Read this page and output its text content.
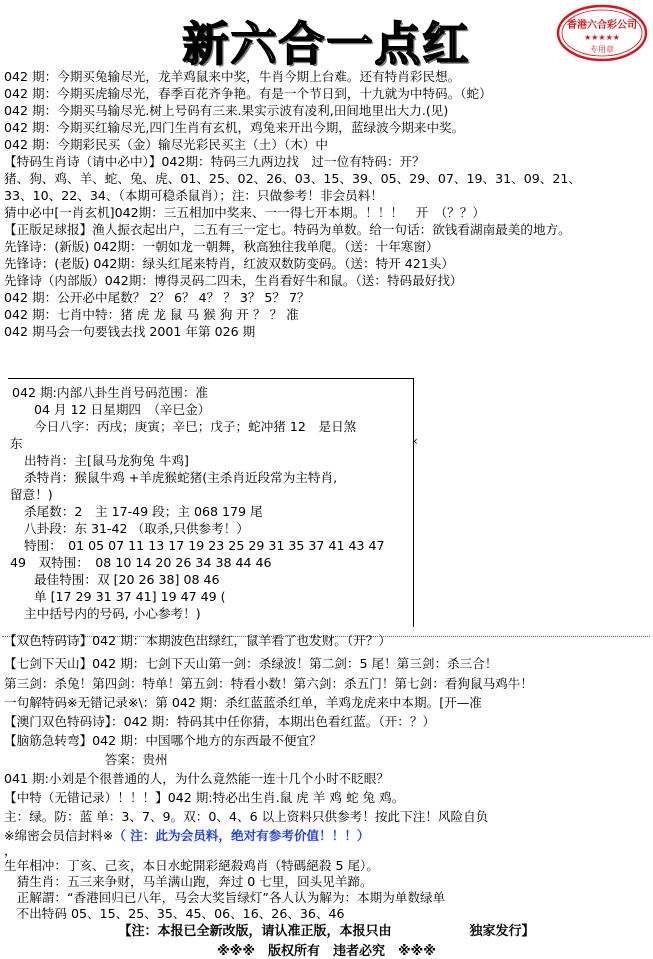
新六合一点红	香港六合彩公司
★★★★★
专用章
042 期：今期买兔输尽光，龙羊鸡鼠来中奖，牛肖今期上台难。还有特肖彩民想。
042 期：今期买虎输尽光，春季百花齐争艳。有是一个节日到，十九就为中特码。（蛇）
042 期：今期买马输尽光.树上号码有三来.果实示波有凌利,田间地里出大力.(见)
042 期：今期买红输尽光,四门生肖有玄机，鸡兔来开出今期，蓝绿波今期来中奖。
042 期：今期彩民买（金）输尽光彩民买主（土）（木）中
【特码生肖诗（请中必中）】042期：特码三九两边找　过一位有特码：开？
猪、狗、鸡、羊、蛇、兔、虎、01、25、02、26、03、15、39、05、29、07、19、31、09、21、
33、10、22、34、（本期可稳杀鼠肖）；注：只做参考！非会员料！
猜中必中[一肖玄机]042期：三五相加中奖来、一一得七开本期。！！！　开　（？？）
【正版足球报】渔人振衣起出户，二五有三一定七。特码为单数。给一句话：欲钱看湖南最美的地方。
先锋诗：(新版) 042期：一朝如龙一朝舞，秋高独往我单爬。（送：十年寒窗）
先锋诗：(老版) 042期：绿头红尾来特肖，红波双数防变码。（送：特开 421头）
先锋诗（内部版）042期：博得灵码二四未，生肖看好牛和鼠。（送：特码最好找）
042 期：公开必中尾数？ 2？ 6？ 4？ ？ 3？ 5？ 7？
042 期：七肖中特：猪 虎 龙 鼠 马 猴 狗 开 ？ ？ 准
042 期马会一句要钱去找 2001 年第 026 期
042 期:内部八卦生肖号码范围：准
04 月 12 日星期四　（辛巳金）
今日八字：丙戌；庚寅；辛巳；戊子；蛇冲猪 12　是日煞
东
出特肖：主[鼠马龙狗兔 牛鸡]
杀特肖：猴鼠牛鸡 +羊虎猴蛇猪(主杀肖近段常为主特肖,
留意！)
杀尾数：2　主 17-49 段；主 068 179 尾
八卦段：东 31-42 （取杀,只供参考！）
特围：　01 05 07 11 13 17 19 23 25 29 31 35 37 41 43 47
49　双特围：　08 10 14 20 26 34 38 44 46
最佳特围：双 [20 26 38] 08 46
单 [17 29 31 37 41] 19 47 49 (
主中括号内的号码, 小心参考！)
‹
【双色特码诗】042 期：本期波色出绿红，鼠羊看了也发财。（开？）
【七剑下天山】042 期：七剑下天山第一剑：杀绿波！第二剑：5 尾！第三剑：杀三合！
第三剑：杀兔！第四剑：特单！第五剑：特看小数！第六剑：杀五门！第七剑：看狗鼠马鸡牛！
一句解特码※无错记录※\：第 042 期：杀红蓝蓝杀红单，羊鸡龙虎来中本期。[开—准
【澳门双色特码诗】：042 期：特码其中任你猜，本期出色看红蓝。（开：？）
【脑筋急转弯】042 期：中国哪个地方的东西最不便宜？
　　　　　　　　答案：贵州
041 期:小刘是个很普通的人，为什么竟然能一连十几个小时不眨眼？
【中特（无错记录）！！！】042 期:特必出生肖.鼠 虎 羊 鸡 蛇 兔 鸡。
主：绿。防：蓝 单：3、7、9。双：0、4、6 以上资料只供参考！按此下注！风险自负
※绵密会员信封料※（ 注：此为会员料，绝对有参考价值！！！）
，
生年相冲：丁亥、己亥，本日水蛇開彩絕殺鸡肖（特碼絕殺 5 尾）。
　猜生肖：五三来争财，马羊满山跑，奔过 0 七里，回头见羊蹄。
　正解謂：“香港回归已八年，马会大奖旨绿灯”各人认为解为：本期为单数绿单
　不出特码 05、15、25、35、45、06、16、26、36、46
【注：本报已全新改版，请认准正版，本报只由　　　　　　独家发行】
※※※　版权所有　违者必究　※※※
